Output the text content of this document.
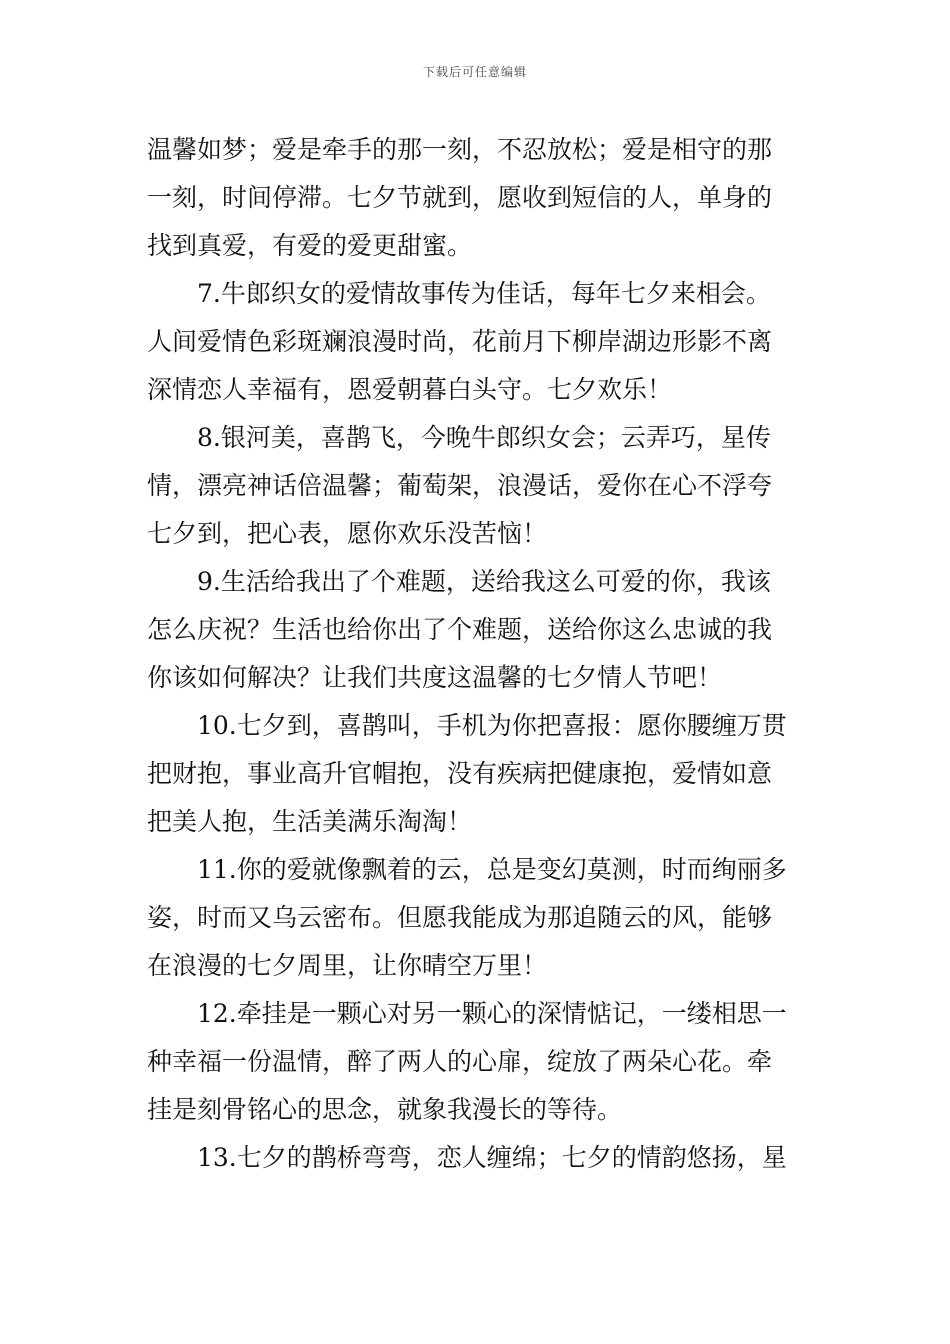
下载后可任意编辑
温馨如梦；爱是牵手的那一刻，不忍放松；爱是相守的那
一刻，时间停滞。七夕节就到，愿收到短信的人，单身的
找到真爱，有爱的爱更甜蜜。
7.牛郎织女的爱情故事传为佳话，每年七夕来相会。
人间爱情色彩斑斓浪漫时尚，花前月下柳岸湖边形影不离
深情恋人幸福有，恩爱朝暮白头守。七夕欢乐！
8.银河美，喜鹊飞，今晚牛郎织女会；云弄巧，星传
情，漂亮神话倍温馨；葡萄架，浪漫话，爱你在心不浮夸
七夕到，把心表，愿你欢乐没苦恼！
9.生活给我出了个难题，送给我这么可爱的你，我该
怎么庆祝？生活也给你出了个难题，送给你这么忠诚的我
你该如何解决？让我们共度这温馨的七夕情人节吧！
10.七夕到，喜鹊叫，手机为你把喜报：愿你腰缠万贯
把财抱，事业高升官帽抱，没有疾病把健康抱，爱情如意
把美人抱，生活美满乐淘淘！
11.你的爱就像飘着的云，总是变幻莫测，时而绚丽多
姿，时而又乌云密布。但愿我能成为那追随云的风，能够
在浪漫的七夕周里，让你晴空万里！
12.牵挂是一颗心对另一颗心的深情惦记，一缕相思一
种幸福一份温情，醉了两人的心扉，绽放了两朵心花。牵
挂是刻骨铭心的思念，就象我漫长的等待。
13.七夕的鹊桥弯弯，恋人缠绵；七夕的情韵悠扬，星
